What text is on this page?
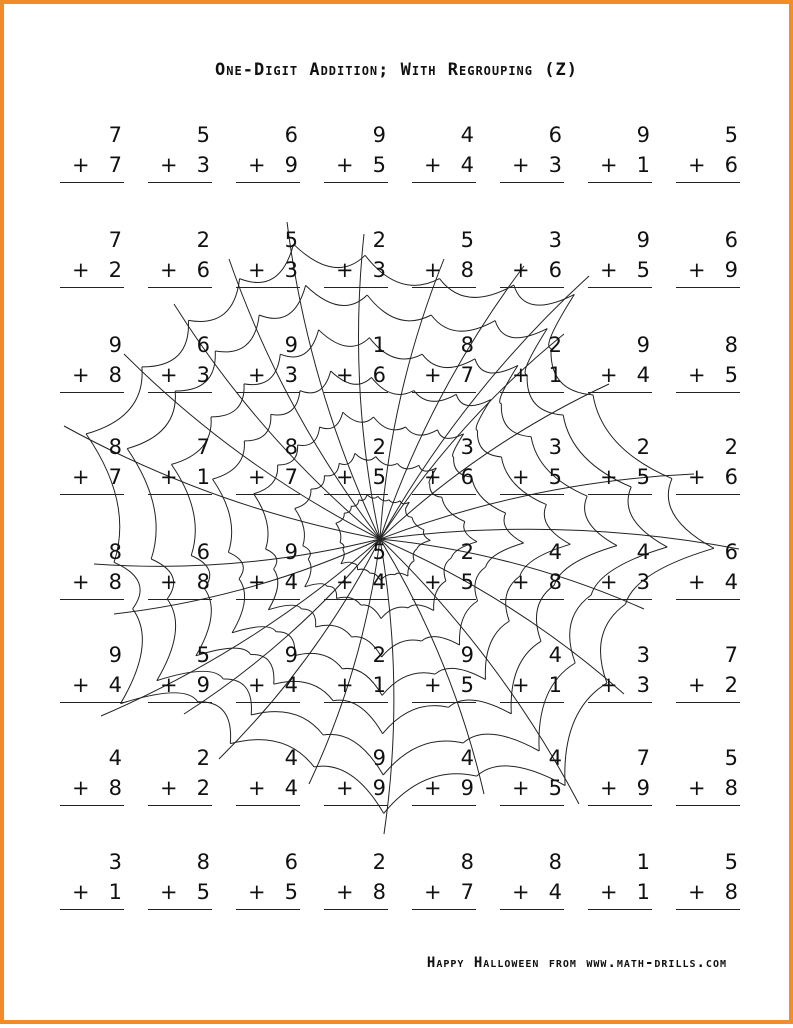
One-Digit Addition; With Regrouping (Z)
7
+ 7
5
+ 3
6
+ 9
9
+ 5
4
+ 4
6
+ 3
9
+ 1
5
+ 6
7
+ 2
2
+ 6
5
+ 3
2
+ 3
5
+ 8
3
+ 6
9
+ 5
6
+ 9
9
+ 8
6
+ 3
9
+ 3
1
+ 6
8
+ 7
2
+ 1
9
+ 4
8
+ 5
8
+ 7
7
+ 1
8
+ 7
2
+ 5
3
+ 6
3
+ 5
2
+ 5
2
+ 6
8
+ 8
6
+ 8
9
+ 4
5
+ 4
2
+ 5
4
+ 8
4
+ 3
6
+ 4
9
+ 4
5
+ 9
9
+ 4
2
+ 1
9
+ 5
4
+ 1
3
+ 3
7
+ 2
4
+ 8
2
+ 2
4
+ 4
9
+ 9
4
+ 9
4
+ 5
7
+ 9
5
+ 8
3
+ 1
8
+ 5
6
+ 5
2
+ 8
8
+ 7
8
+ 4
1
+ 1
5
+ 8
Happy Halloween from www.math-drills.com
